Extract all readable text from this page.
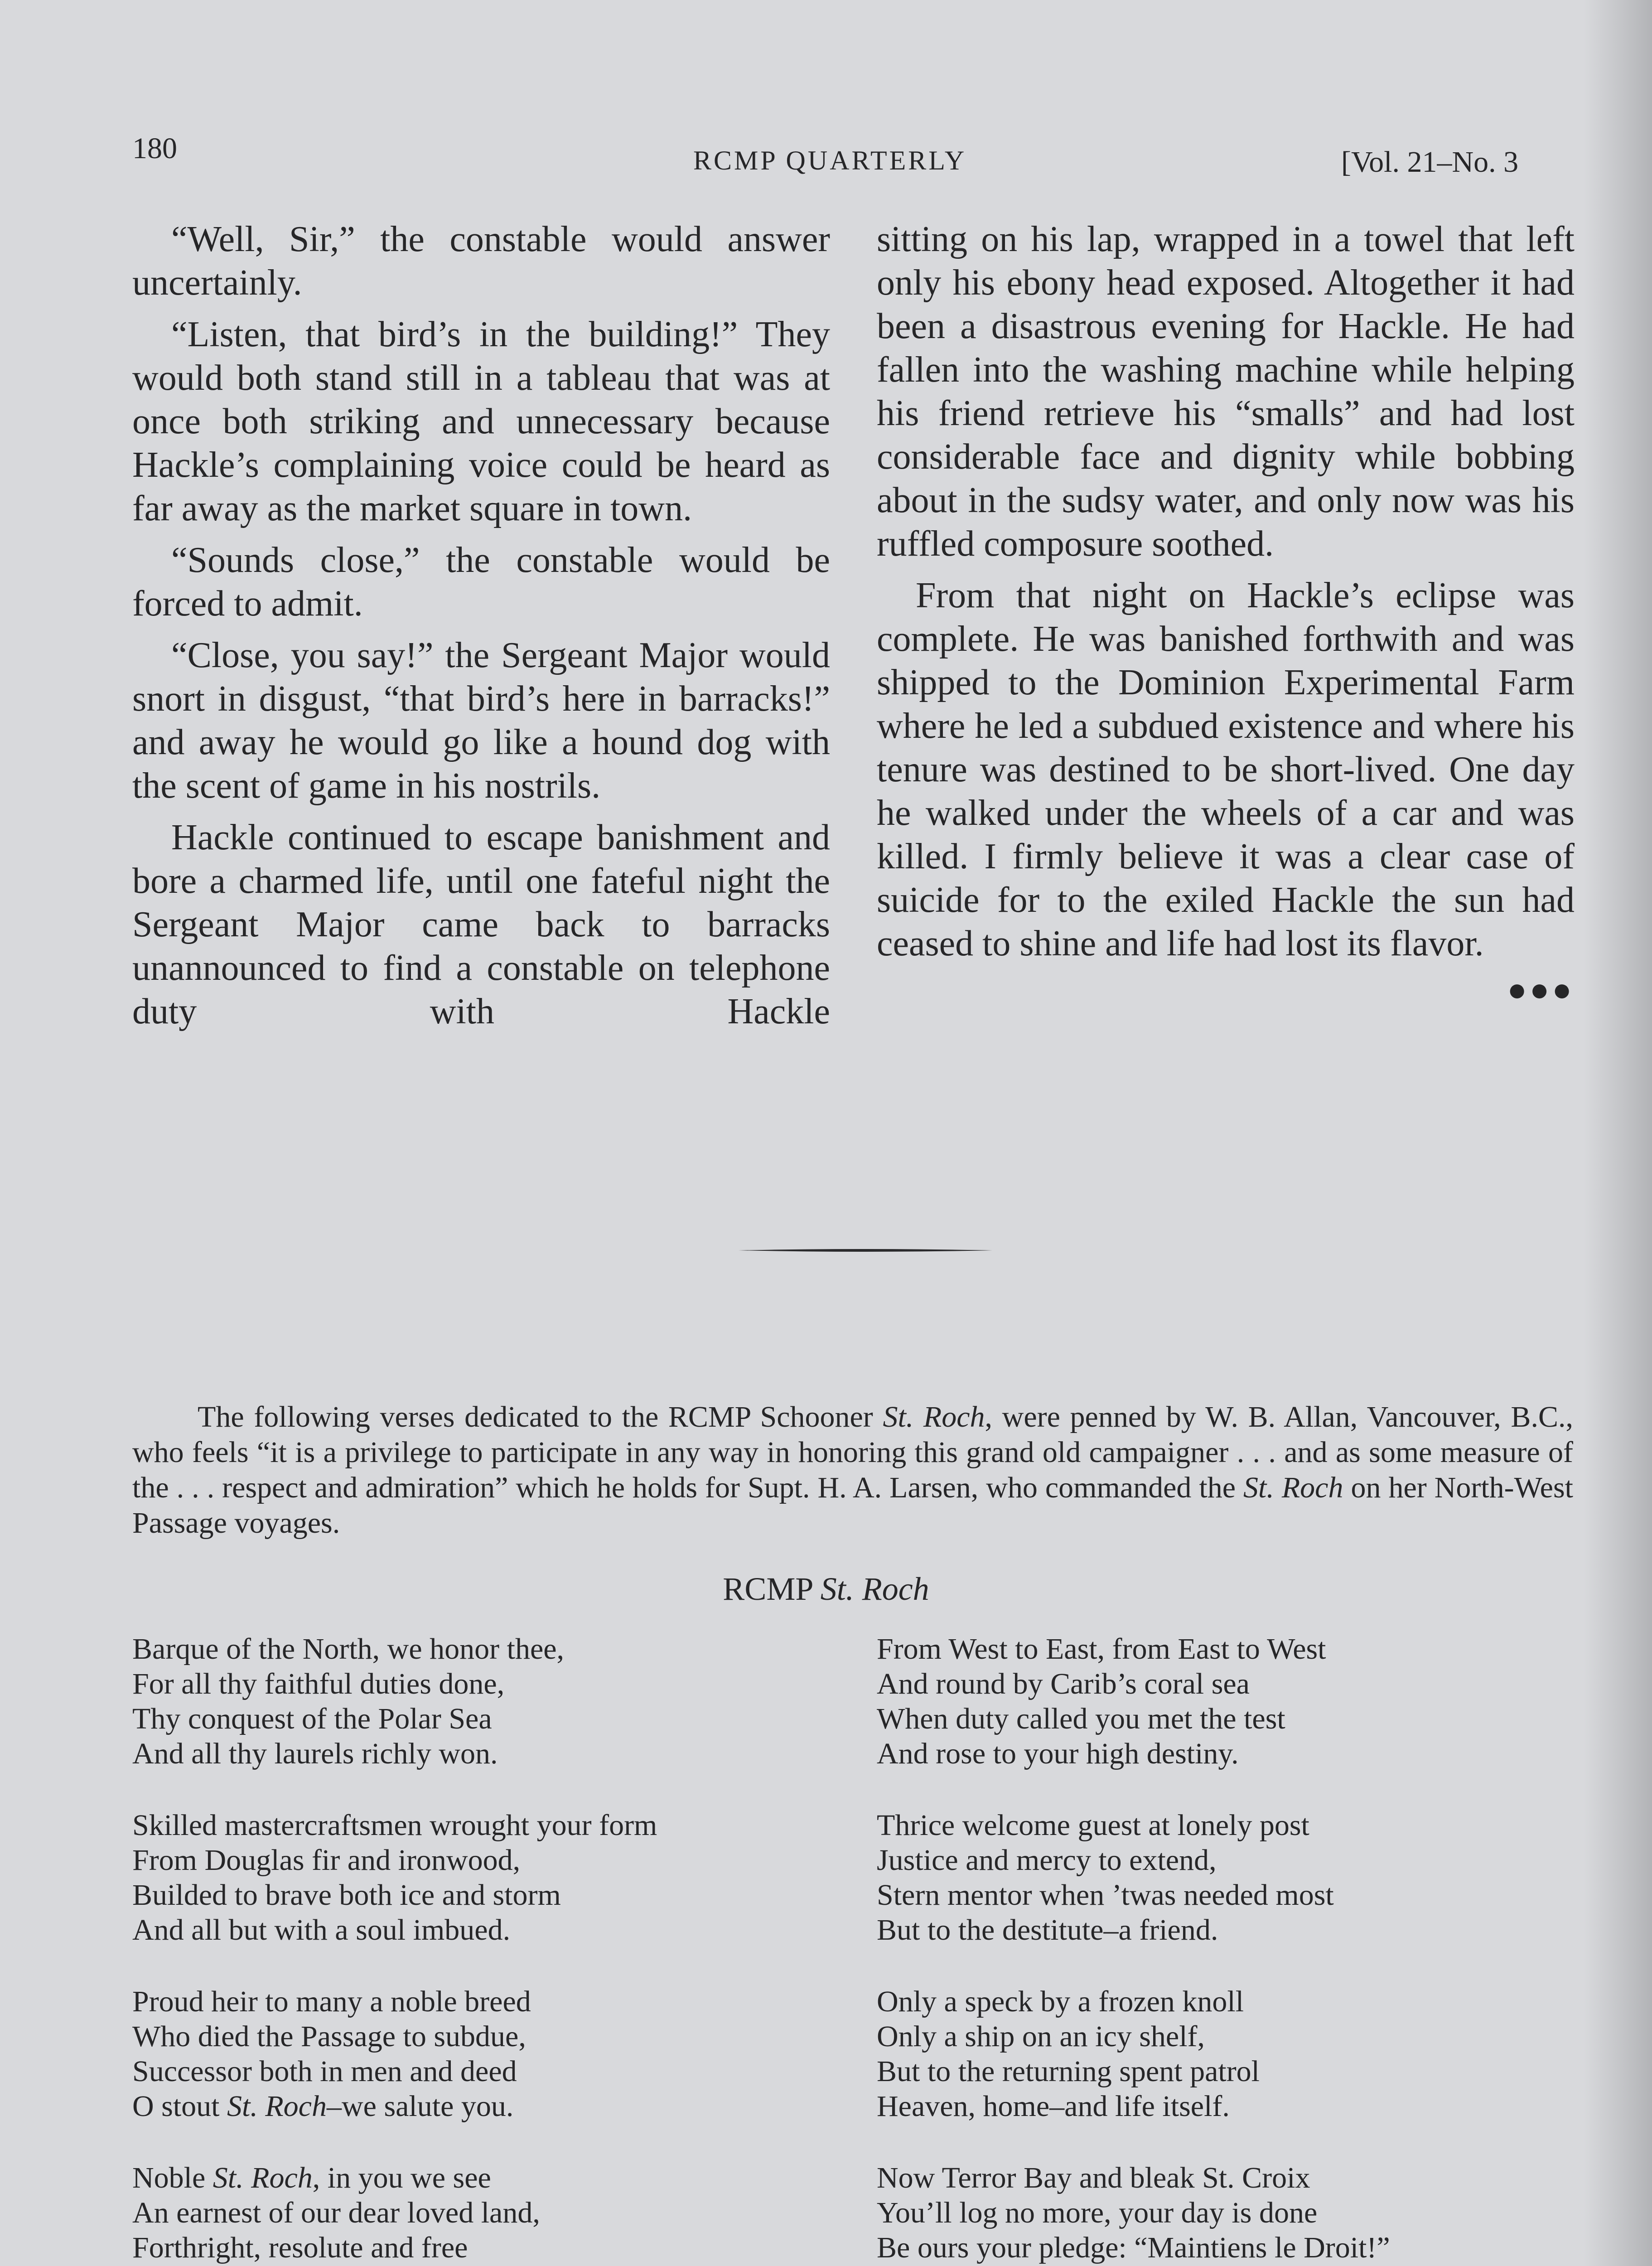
180	RCMP QUARTERLY	[Vol. 21–No. 3

“Well, Sir,” the constable would answer uncertainly.

“Listen, that bird’s in the building!” They would both stand still in a tableau that was at once both striking and unnecessary because Hackle’s complaining voice could be heard as far away as the market square in town.

“Sounds close,” the constable would be forced to admit.

“Close, you say!” the Sergeant Major would snort in disgust, “that bird’s here in barracks!” and away he would go like a hound dog with the scent of game in his nostrils.

Hackle continued to escape banishment and bore a charmed life, until one fateful night the Sergeant Major came back to barracks unannounced to find a constable on telephone duty with Hackle

sitting on his lap, wrapped in a towel that left only his ebony head exposed. Altogether it had been a disastrous evening for Hackle. He had fallen into the washing machine while helping his friend retrieve his “smalls” and had lost considerable face and dignity while bobbing about in the sudsy water, and only now was his ruffled composure soothed.

From that night on Hackle’s eclipse was complete. He was banished forthwith and was shipped to the Dominion Experimental Farm where he led a subdued existence and where his tenure was destined to be short-lived. One day he walked under the wheels of a car and was killed. I firmly believe it was a clear case of suicide for to the exiled Hackle the sun had ceased to shine and life had lost its flavor.
●●●

The following verses dedicated to the RCMP Schooner St. Roch, were penned by W. B. Allan, Vancouver, B.C., who feels “it is a privilege to participate in any way in honoring this grand old campaigner . . . and as some measure of the . . . respect and admiration” which he holds for Supt. H. A. Larsen, who commanded the St. Roch on her North-West Passage voyages.

RCMP St. Roch
Barque of the North, we honor thee,
For all thy faithful duties done,
Thy conquest of the Polar Sea
And all thy laurels richly won.
Skilled mastercraftsmen wrought your form
From Douglas fir and ironwood,
Builded to brave both ice and storm
And all but with a soul imbued.
Proud heir to many a noble breed
Who died the Passage to subdue,
Successor both in men and deed
O stout St. Roch–we salute you.
Noble St. Roch, in you we see
An earnest of our dear loved land,
Forthright, resolute and free
From West to East, from East to West
And round by Carib’s coral sea
When duty called you met the test
And rose to your high destiny.
Thrice welcome guest at lonely post
Justice and mercy to extend,
Stern mentor when ’twas needed most
But to the destitute–a friend.
Only a speck by a frozen knoll
Only a ship on an icy shelf,
But to the returning spent patrol
Heaven, home–and life itself.
Now Terror Bay and bleak St. Croix
You’ll log no more, your day is done
Be ours your pledge: “Maintiens le Droit!”
